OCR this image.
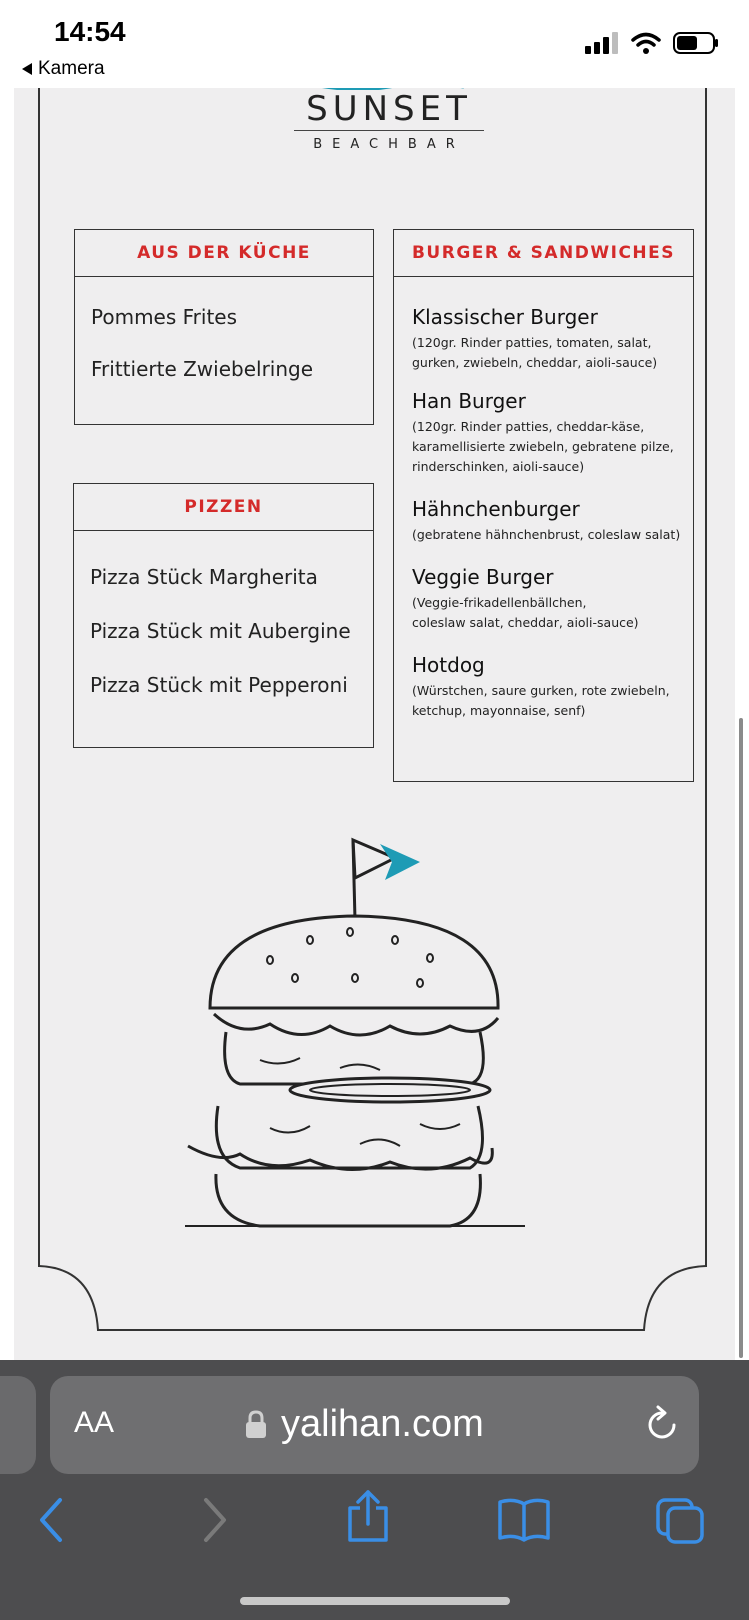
14:54
Kamera
SUNSET
BEACHBAR
AUS DER KÜCHE
Pommes Frites
Frittierte Zwiebelringe
PIZZEN
Pizza Stück Margherita
Pizza Stück mit Aubergine
Pizza Stück mit Pepperoni
BURGER & SANDWICHES
Klassischer Burger
(120gr. Rinder patties, tomaten, salat,
gurken, zwiebeln, cheddar, aioli-sauce)
Han Burger
(120gr. Rinder patties, cheddar-käse,
karamellisierte zwiebeln, gebratene pilze,
rinderschinken, aioli-sauce)
Hähnchenburger
(gebratene hähnchenbrust, coleslaw salat)
Veggie Burger
(Veggie-frikadellenbällchen,
coleslaw salat, cheddar, aioli-sauce)
Hotdog
(Würstchen, saure gurken, rote zwiebeln,
ketchup, mayonnaise, senf)
AA	yalihan.com
